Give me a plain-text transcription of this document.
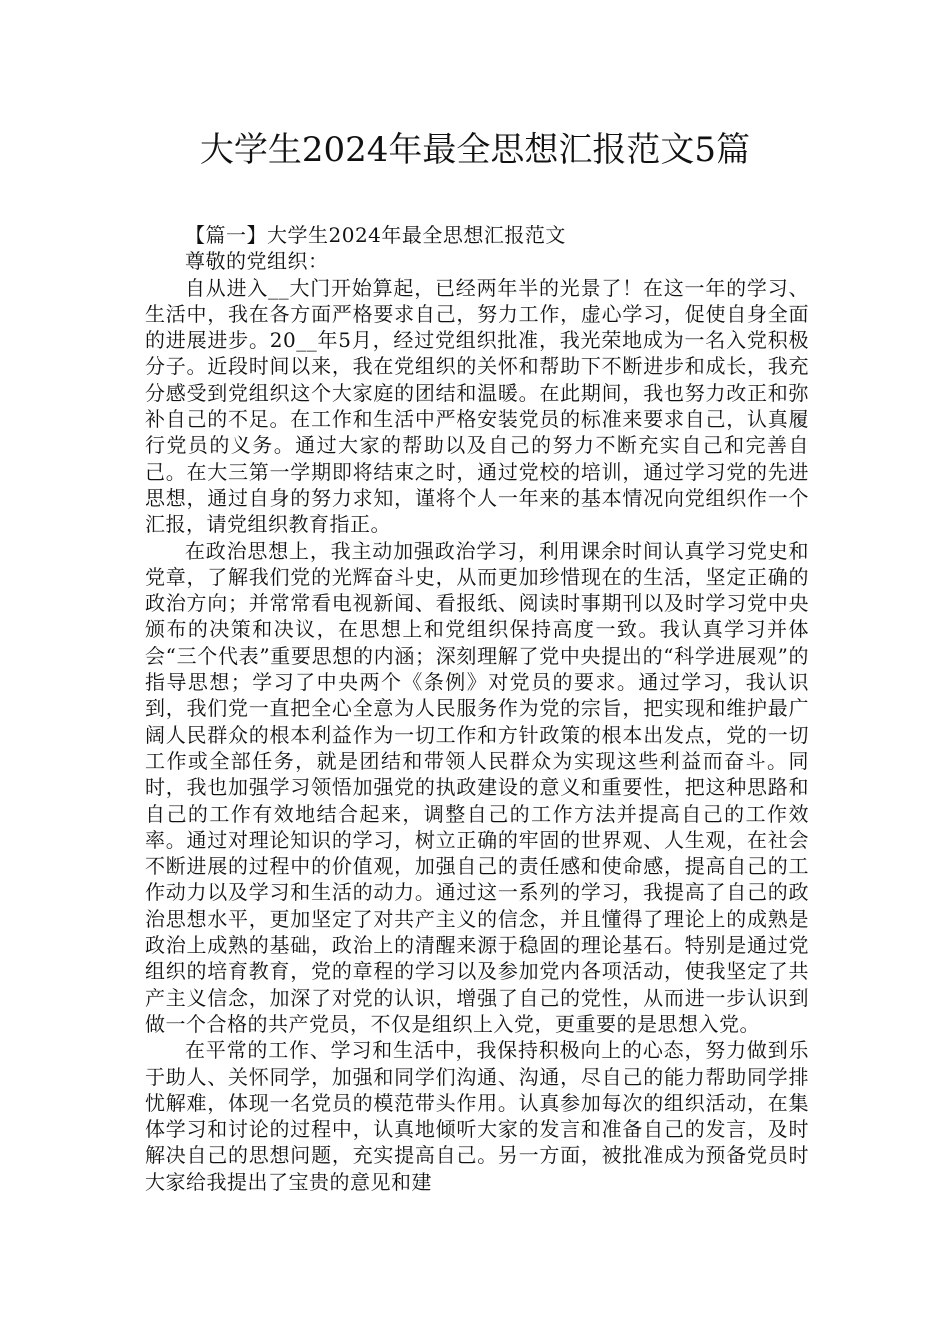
大学生2024年最全思想汇报范文5篇

【篇一】大学生2024年最全思想汇报范文

尊敬的党组织：

自从进入__大门开始算起，已经两年半的光景了！在这一年的学习、生活中，我在各方面严格要求自己，努力工作，虚心学习，促使自身全面的进展进步。20__年5月，经过党组织批准，我光荣地成为一名入党积极分子。近段时间以来，我在党组织的关怀和帮助下不断进步和成长，我充分感受到党组织这个大家庭的团结和温暖。在此期间，我也努力改正和弥补自己的不足。在工作和生活中严格安装党员的标准来要求自己，认真履行党员的义务。通过大家的帮助以及自己的努力不断充实自己和完善自己。在大三第一学期即将结束之时，通过党校的培训，通过学习党的先进思想，通过自身的努力求知，谨将个人一年来的基本情况向党组织作一个汇报，请党组织教育指正。

在政治思想上，我主动加强政治学习，利用课余时间认真学习党史和党章，了解我们党的光辉奋斗史，从而更加珍惜现在的生活，坚定正确的政治方向；并常常看电视新闻、看报纸、阅读时事期刊以及时学习党中央颁布的决策和决议，在思想上和党组织保持高度一致。我认真学习并体会“三个代表”重要思想的内涵；深刻理解了党中央提出的“科学进展观”的指导思想；学习了中央两个《条例》对党员的要求。通过学习，我认识到，我们党一直把全心全意为人民服务作为党的宗旨，把实现和维护最广阔人民群众的根本利益作为一切工作和方针政策的根本出发点，党的一切工作或全部任务，就是团结和带领人民群众为实现这些利益而奋斗。同时，我也加强学习领悟加强党的执政建设的意义和重要性，把这种思路和自己的工作有效地结合起来，调整自己的工作方法并提高自己的工作效率。通过对理论知识的学习，树立正确的牢固的世界观、人生观，在社会不断进展的过程中的价值观，加强自己的责任感和使命感，提高自己的工作动力以及学习和生活的动力。通过这一系列的学习，我提高了自己的政治思想水平，更加坚定了对共产主义的信念，并且懂得了理论上的成熟是政治上成熟的基础，政治上的清醒来源于稳固的理论基石。特别是通过党组织的培育教育，党的章程的学习以及参加党内各项活动，使我坚定了共产主义信念，加深了对党的认识，增强了自己的党性，从而进一步认识到做一个合格的共产党员，不仅是组织上入党，更重要的是思想入党。

在平常的工作、学习和生活中，我保持积极向上的心态，努力做到乐于助人、关怀同学，加强和同学们沟通、沟通，尽自己的能力帮助同学排忧解难，体现一名党员的模范带头作用。认真参加每次的组织活动，在集体学习和讨论的过程中，认真地倾听大家的发言和准备自己的发言，及时解决自己的思想问题，充实提高自己。另一方面，被批准成为预备党员时大家给我提出了宝贵的意见和建
